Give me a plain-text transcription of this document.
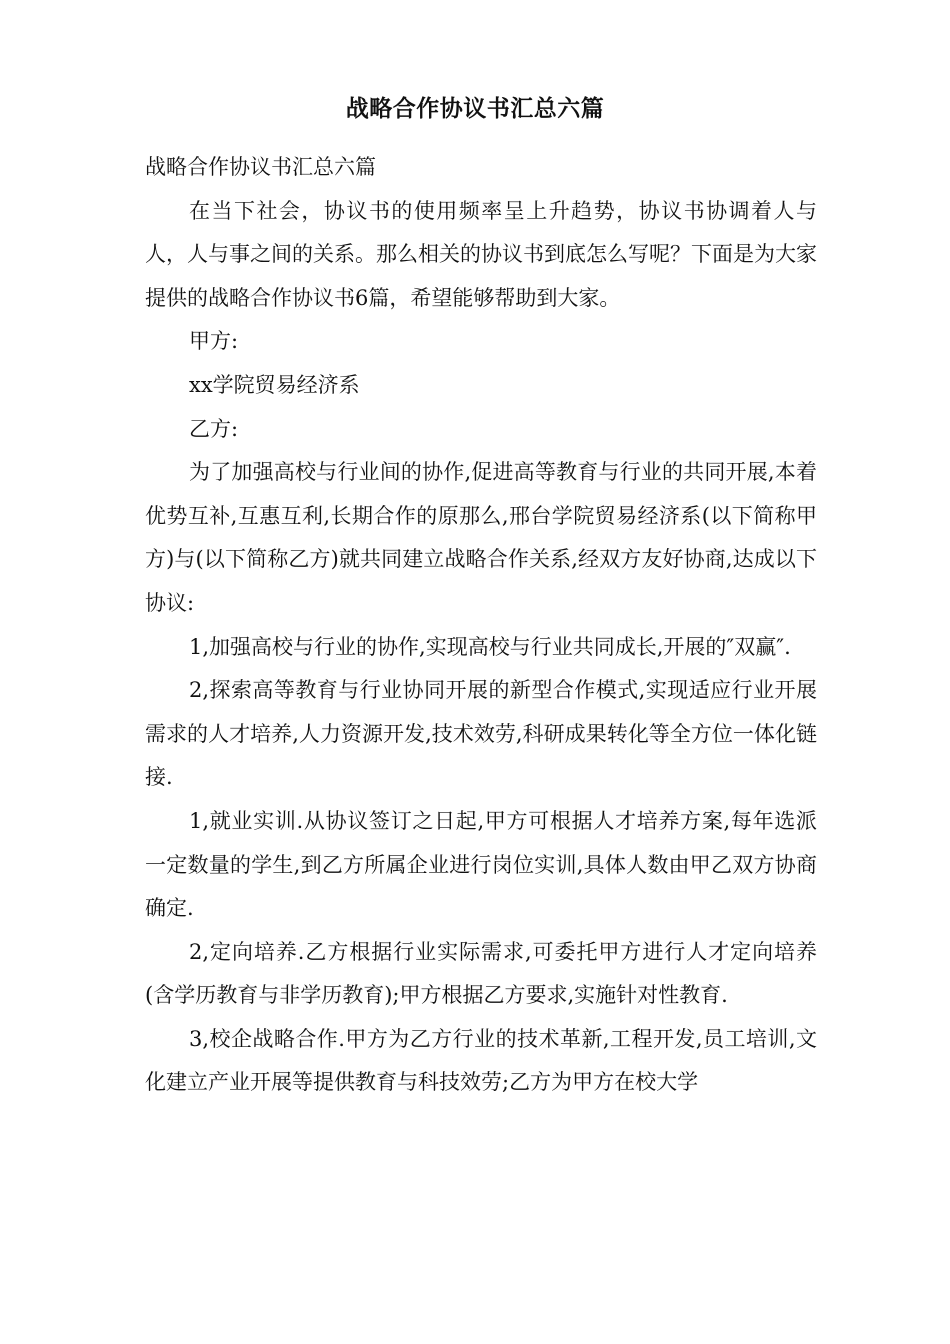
战略合作协议书汇总六篇

战略合作协议书汇总六篇

在当下社会，协议书的使用频率呈上升趋势，协议书协调着人与人，人与事之间的关系。那么相关的协议书到底怎么写呢？下面是为大家提供的战略合作协议书6篇，希望能够帮助到大家。

甲方:

xx学院贸易经济系

乙方:

为了加强高校与行业间的协作,促进高等教育与行业的共同开展,本着优势互补,互惠互利,长期合作的原那么,邢台学院贸易经济系(以下简称甲方)与(以下简称乙方)就共同建立战略合作关系,经双方友好协商,达成以下协议:

1,加强高校与行业的协作,实现高校与行业共同成长,开展的″双赢″.

2,探索高等教育与行业协同开展的新型合作模式,实现适应行业开展需求的人才培养,人力资源开发,技术效劳,科研成果转化等全方位一体化链接.

1,就业实训.从协议签订之日起,甲方可根据人才培养方案,每年选派一定数量的学生,到乙方所属企业进行岗位实训,具体人数由甲乙双方协商确定.

2,定向培养.乙方根据行业实际需求,可委托甲方进行人才定向培养(含学历教育与非学历教育);甲方根据乙方要求,实施针对性教育.

3,校企战略合作.甲方为乙方行业的技术革新,工程开发,员工培训,文化建立产业开展等提供教育与科技效劳;乙方为甲方在校大学
